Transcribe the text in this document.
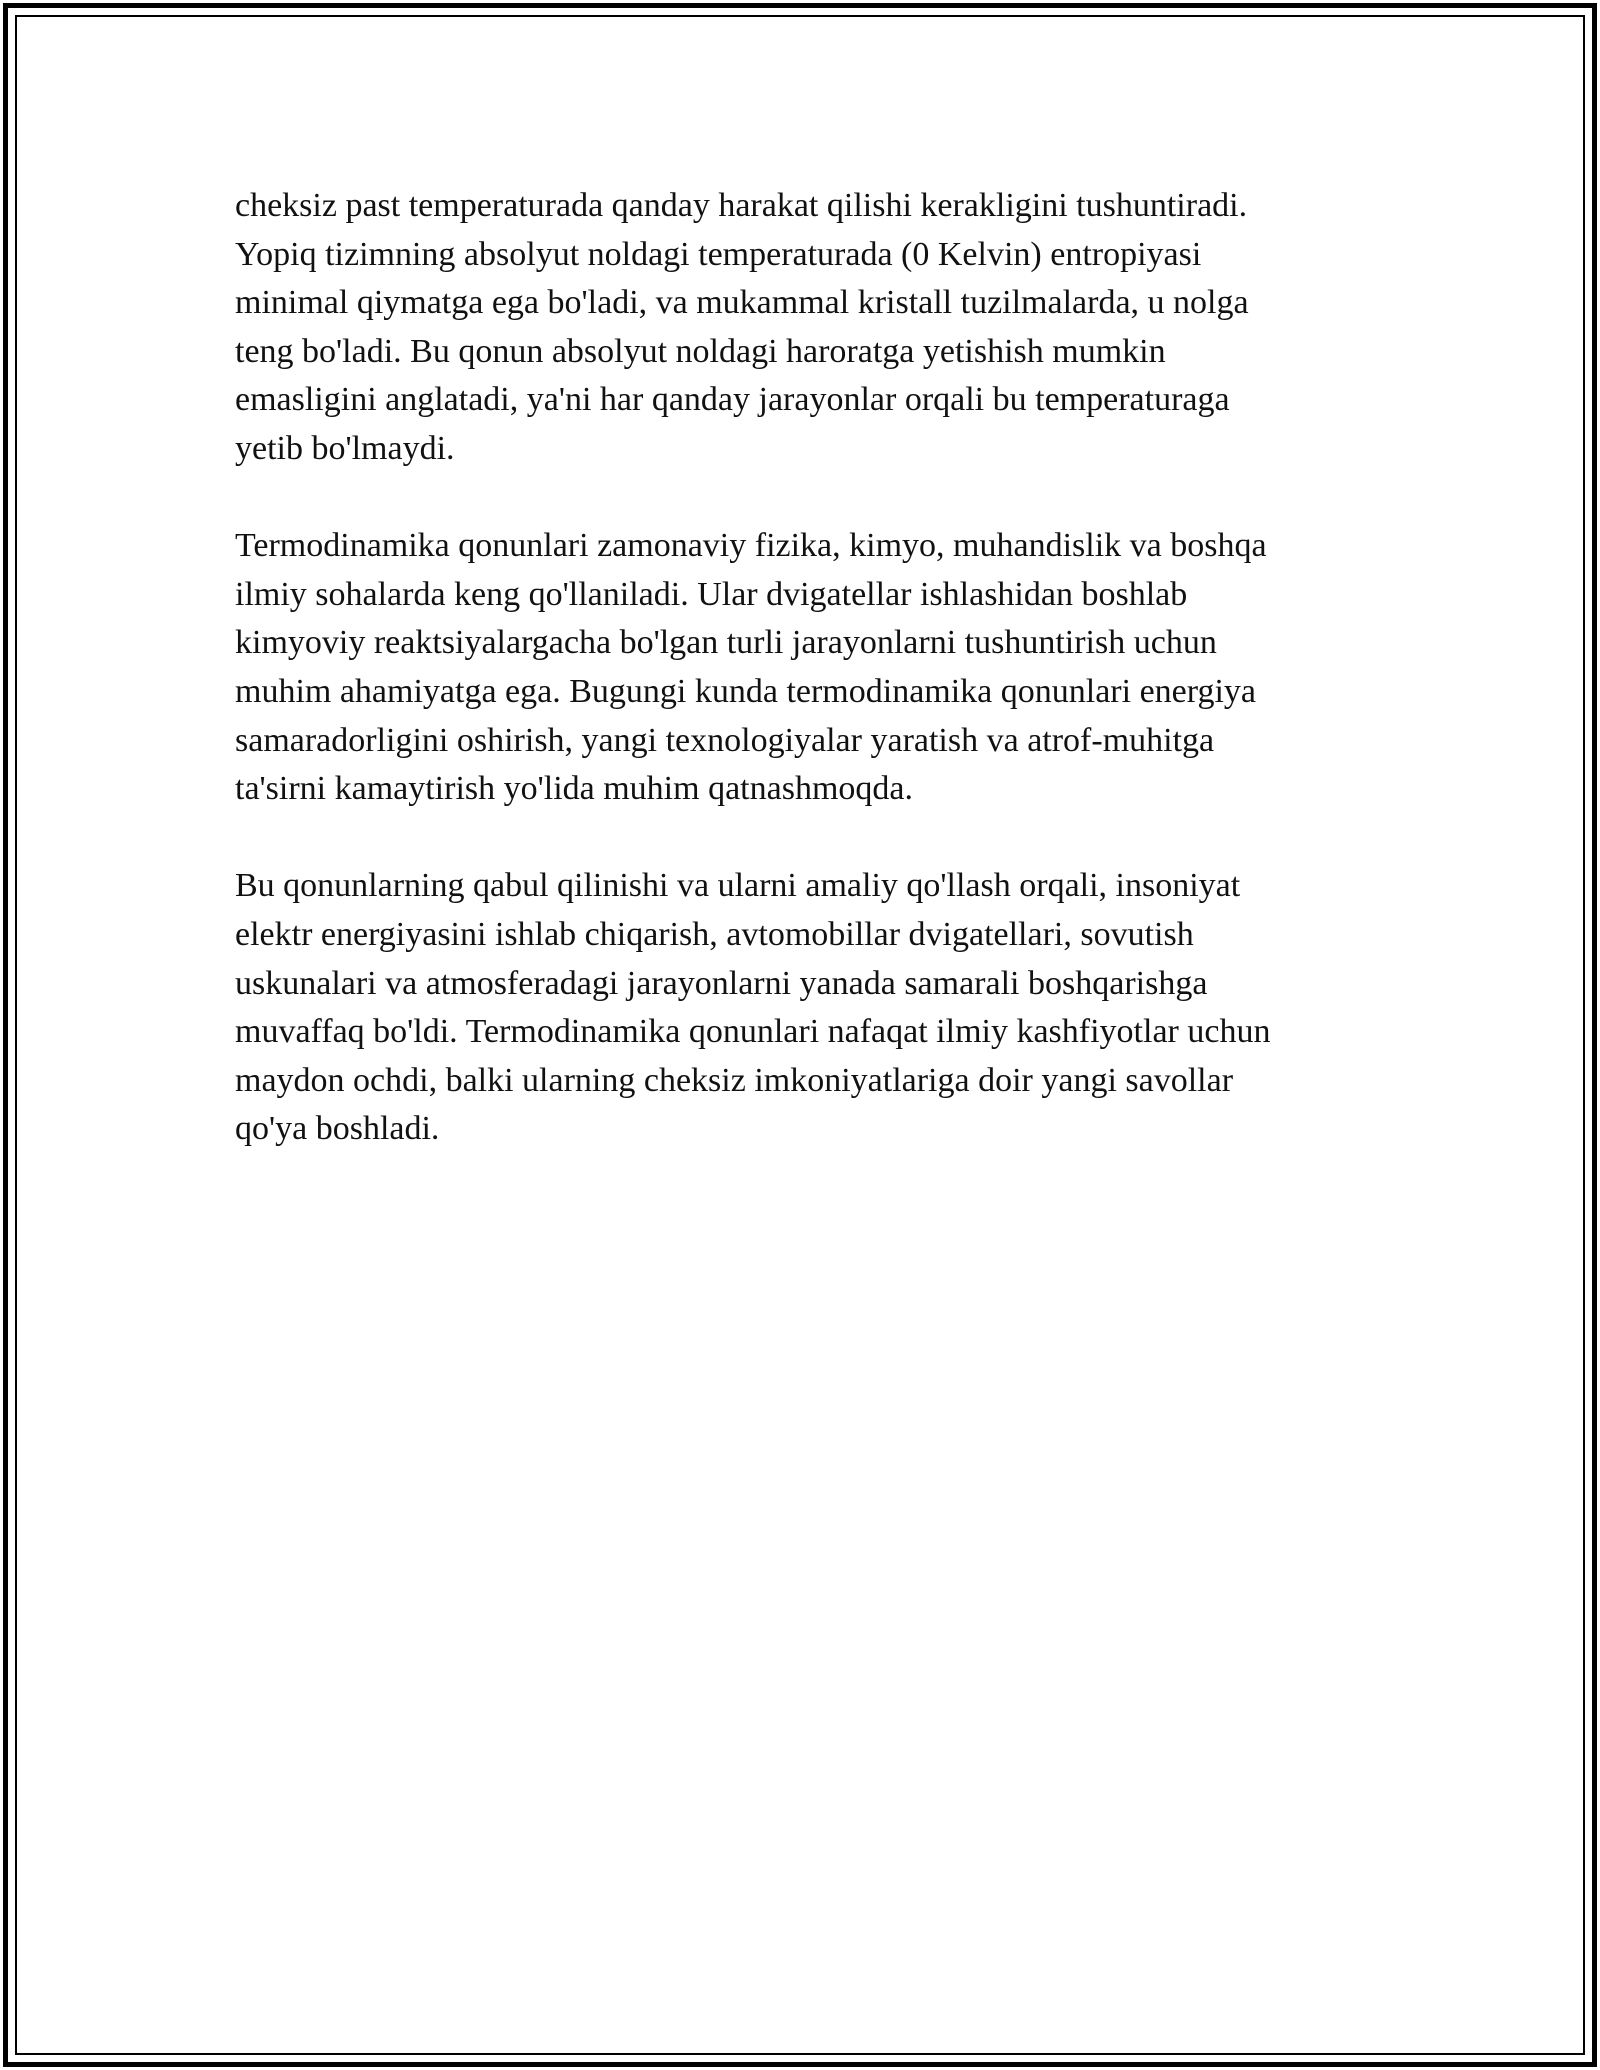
cheksiz past temperaturada qanday harakat qilishi kerakligini tushuntiradi.
Yopiq tizimning absolyut noldagi temperaturada (0 Kelvin) entropiyasi
minimal qiymatga ega bo'ladi, va mukammal kristall tuzilmalarda, u nolga
teng bo'ladi. Bu qonun absolyut noldagi haroratga yetishish mumkin
emasligini anglatadi, ya'ni har qanday jarayonlar orqali bu temperaturaga
yetib bo'lmaydi.

Termodinamika qonunlari zamonaviy fizika, kimyo, muhandislik va boshqa
ilmiy sohalarda keng qo'llaniladi. Ular dvigatellar ishlashidan boshlab
kimyoviy reaktsiyalargacha bo'lgan turli jarayonlarni tushuntirish uchun
muhim ahamiyatga ega. Bugungi kunda termodinamika qonunlari energiya
samaradorligini oshirish, yangi texnologiyalar yaratish va atrof-muhitga
ta'sirni kamaytirish yo'lida muhim qatnashmoqda.

Bu qonunlarning qabul qilinishi va ularni amaliy qo'llash orqali, insoniyat
elektr energiyasini ishlab chiqarish, avtomobillar dvigatellari, sovutish
uskunalari va atmosferadagi jarayonlarni yanada samarali boshqarishga
muvaffaq bo'ldi. Termodinamika qonunlari nafaqat ilmiy kashfiyotlar uchun
maydon ochdi, balki ularning cheksiz imkoniyatlariga doir yangi savollar
qo'ya boshladi.
